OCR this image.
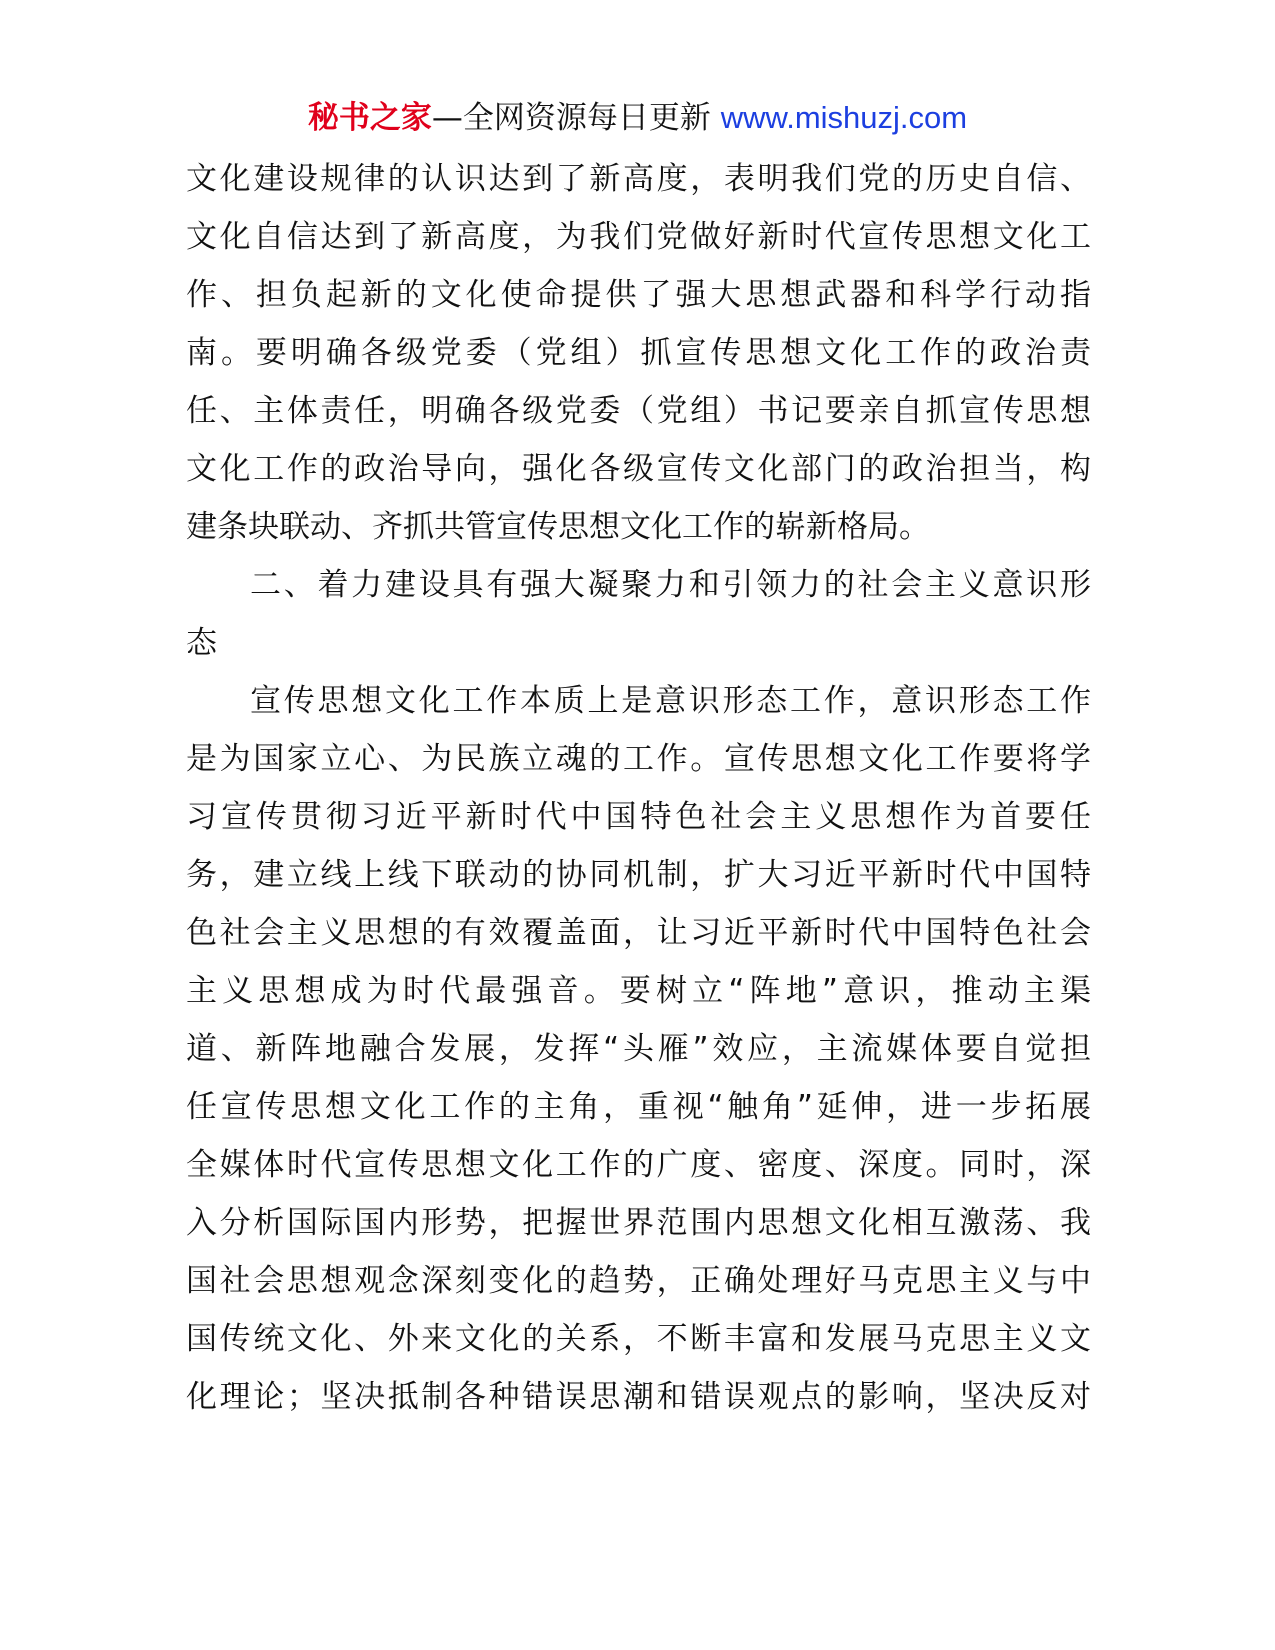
秘书之家—全网资源每日更新 www.mishuzj.com
文化建设规律的认识达到了新高度，表明我们党的历史自信、
文化自信达到了新高度，为我们党做好新时代宣传思想文化工
作、担负起新的文化使命提供了强大思想武器和科学行动指
南。要明确各级党委（党组）抓宣传思想文化工作的政治责
任、主体责任，明确各级党委（党组）书记要亲自抓宣传思想
文化工作的政治导向，强化各级宣传文化部门的政治担当，构
建条块联动、齐抓共管宣传思想文化工作的崭新格局。
二、着力建设具有强大凝聚力和引领力的社会主义意识形
态
宣传思想文化工作本质上是意识形态工作，意识形态工作
是为国家立心、为民族立魂的工作。宣传思想文化工作要将学
习宣传贯彻习近平新时代中国特色社会主义思想作为首要任
务，建立线上线下联动的协同机制，扩大习近平新时代中国特
色社会主义思想的有效覆盖面，让习近平新时代中国特色社会
主义思想成为时代最强音。要树立“阵地”意识，推动主渠
道、新阵地融合发展，发挥“头雁”效应，主流媒体要自觉担
任宣传思想文化工作的主角，重视“触角”延伸，进一步拓展
全媒体时代宣传思想文化工作的广度、密度、深度。同时，深
入分析国际国内形势，把握世界范围内思想文化相互激荡、我
国社会思想观念深刻变化的趋势，正确处理好马克思主义与中
国传统文化、外来文化的关系，不断丰富和发展马克思主义文
化理论；坚决抵制各种错误思潮和错误观点的影响，坚决反对
